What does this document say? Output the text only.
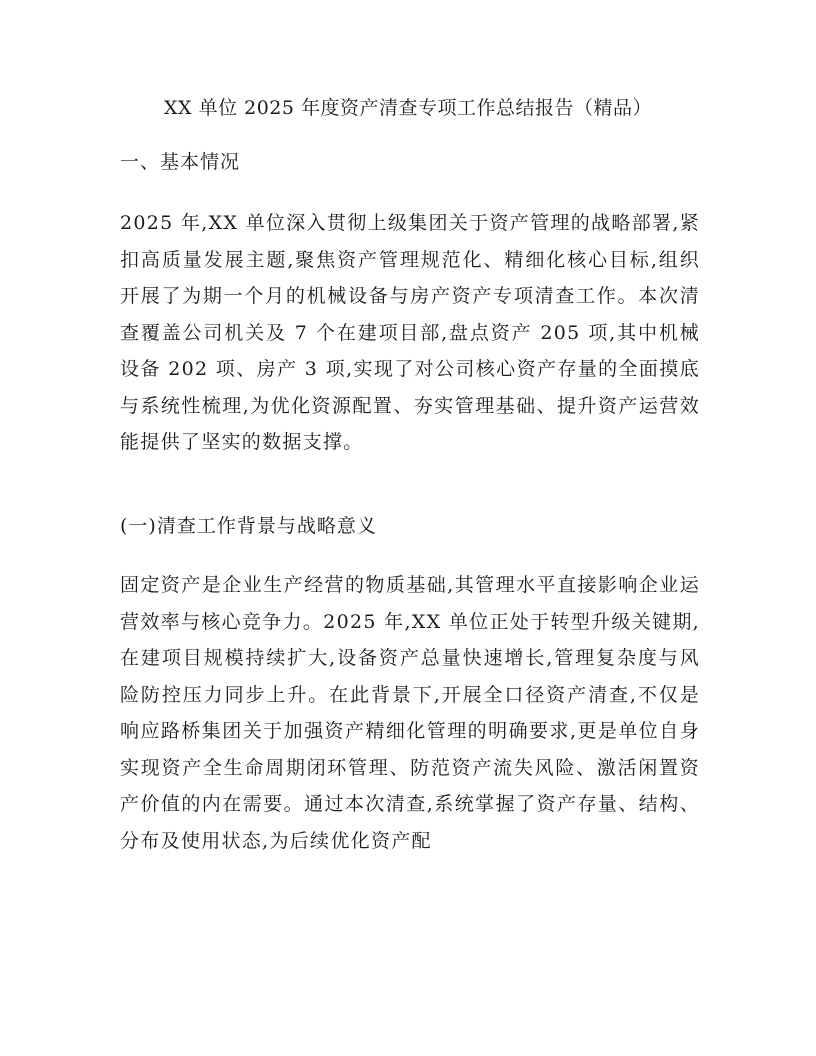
XX 单位 2025 年度资产清查专项工作总结报告（精品）
一、基本情况

2025 年,XX 单位深入贯彻上级集团关于资产管理的战略部署,紧扣高质量发展主题,聚焦资产管理规范化、精细化核心目标,组织开展了为期一个月的机械设备与房产资产专项清查工作。本次清查覆盖公司机关及 7 个在建项目部,盘点资产 205 项,其中机械设备 202 项、房产 3 项,实现了对公司核心资产存量的全面摸底与系统性梳理,为优化资源配置、夯实管理基础、提升资产运营效能提供了坚实的数据支撑。

(一)清查工作背景与战略意义

固定资产是企业生产经营的物质基础,其管理水平直接影响企业运营效率与核心竞争力。2025 年,XX 单位正处于转型升级关键期,在建项目规模持续扩大,设备资产总量快速增长,管理复杂度与风险防控压力同步上升。在此背景下,开展全口径资产清查,不仅是响应路桥集团关于加强资产精细化管理的明确要求,更是单位自身实现资产全生命周期闭环管理、防范资产流失风险、激活闲置资产价值的内在需要。通过本次清查,系统掌握了资产存量、结构、分布及使用状态,为后续优化资产配
